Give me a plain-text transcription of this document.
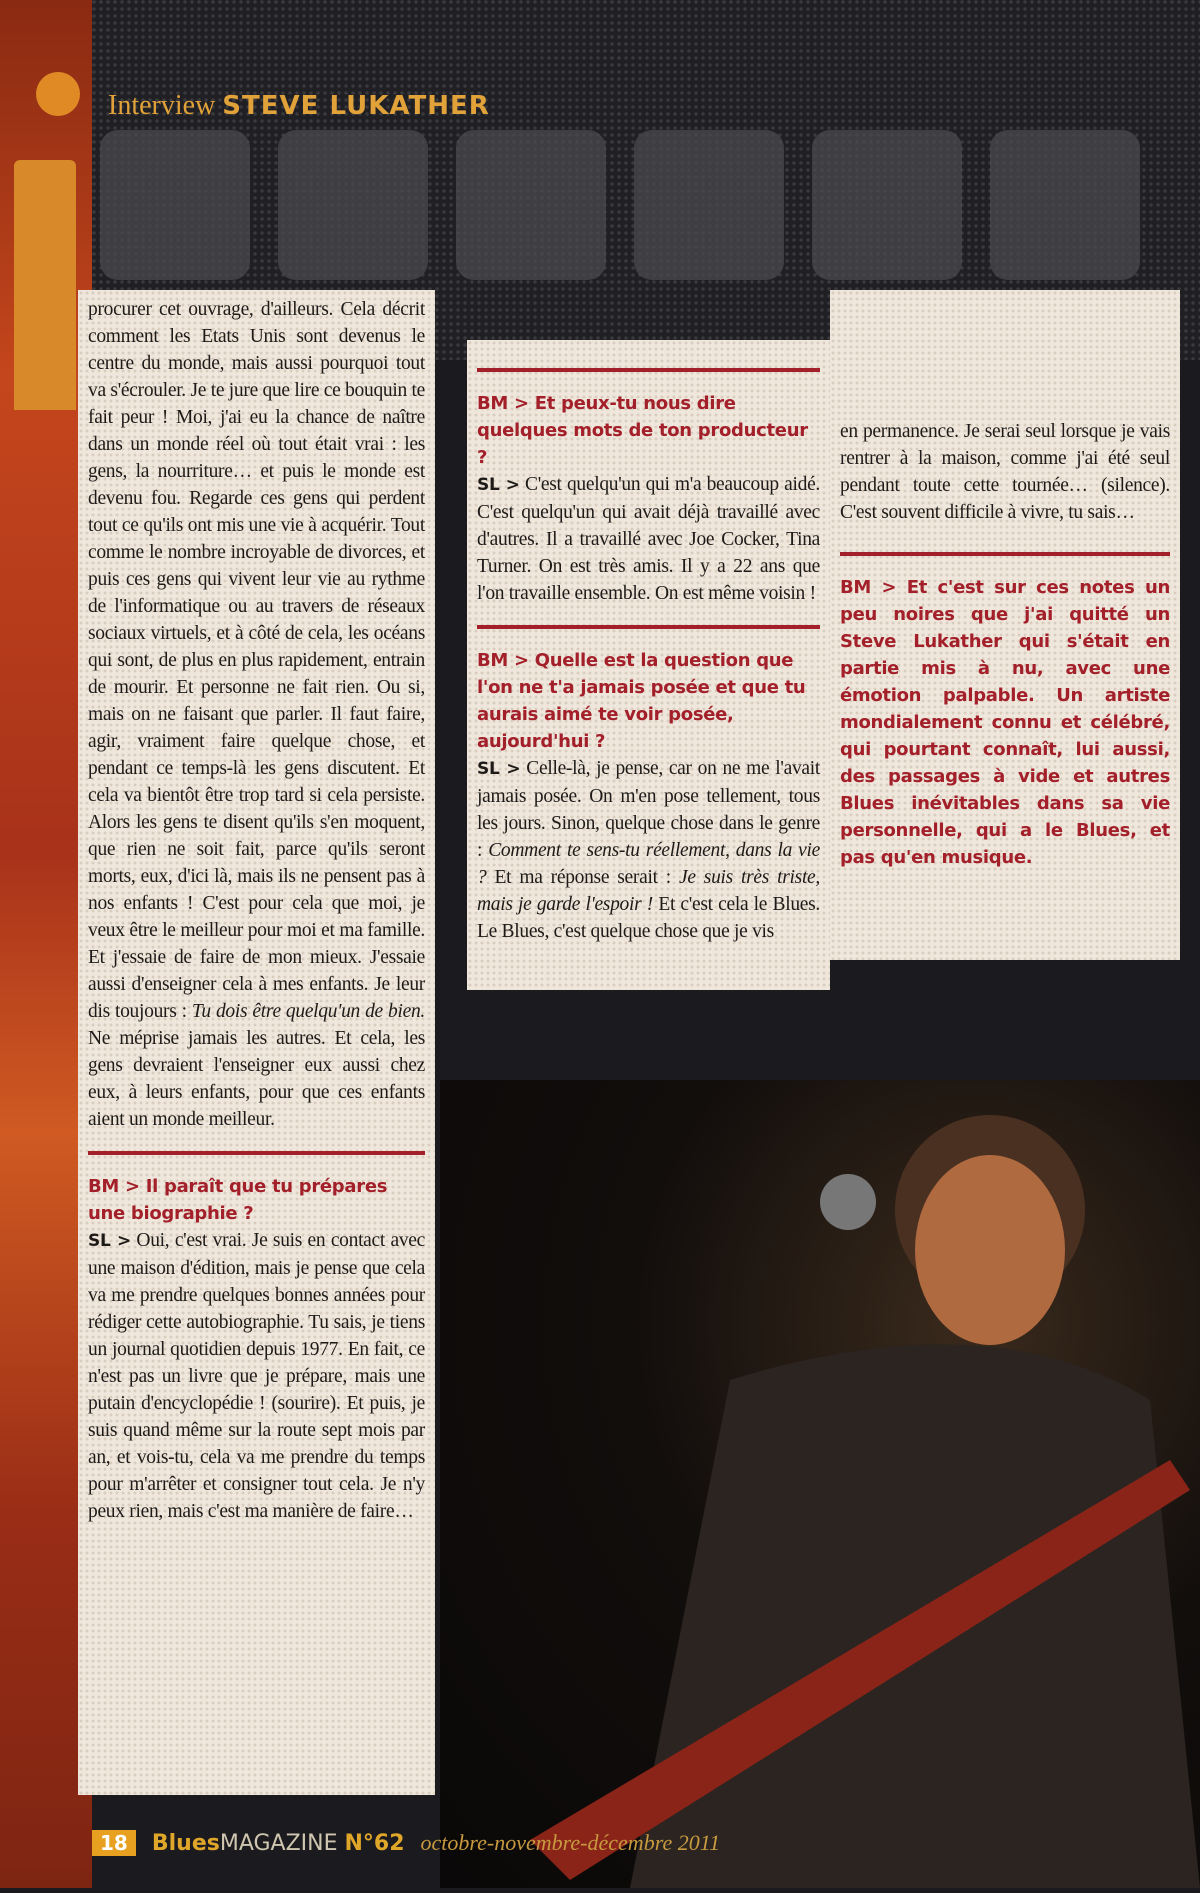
Interview STEVE LUKATHER

procurer cet ouvrage, d'ailleurs. Cela décrit comment les Etats Unis sont devenus le centre du monde, mais aussi pourquoi tout va s'écrouler. Je te jure que lire ce bouquin te fait peur ! Moi, j'ai eu la chance de naître dans un monde réel où tout était vrai : les gens, la nourriture… et puis le monde est devenu fou. Regarde ces gens qui perdent tout ce qu'ils ont mis une vie à acquérir. Tout comme le nombre incroyable de divorces, et puis ces gens qui vivent leur vie au rythme de l'informatique ou au travers de réseaux sociaux virtuels, et à côté de cela, les océans qui sont, de plus en plus rapidement, entrain de mourir. Et personne ne fait rien. Ou si, mais on ne faisant que parler. Il faut faire, agir, vraiment faire quelque chose, et pendant ce temps-là les gens discutent. Et cela va bientôt être trop tard si cela persiste. Alors les gens te disent qu'ils s'en moquent, que rien ne soit fait, parce qu'ils seront morts, eux, d'ici là, mais ils ne pensent pas à nos enfants ! C'est pour cela que moi, je veux être le meilleur pour moi et ma famille. Et j'essaie de faire de mon mieux. J'essaie aussi d'enseigner cela à mes enfants. Je leur dis toujours : Tu dois être quelqu'un de bien. Ne méprise jamais les autres. Et cela, les gens devraient l'enseigner eux aussi chez eux, à leurs enfants, pour que ces enfants aient un monde meilleur.

BM > Il paraît que tu prépares une biographie ?

SL > Oui, c'est vrai. Je suis en contact avec une maison d'édition, mais je pense que cela va me prendre quelques bonnes années pour rédiger cette autobiographie. Tu sais, je tiens un journal quotidien depuis 1977. En fait, ce n'est pas un livre que je prépare, mais une putain d'encyclopédie ! (sourire). Et puis, je suis quand même sur la route sept mois par an, et vois-tu, cela va me prendre du temps pour m'arrêter et consigner tout cela. Je n'y peux rien, mais c'est ma manière de faire…

BM > Et peux-tu nous dire quelques mots de ton producteur ?

SL > C'est quelqu'un qui m'a beaucoup aidé. C'est quelqu'un qui avait déjà travaillé avec d'autres. Il a travaillé avec Joe Cocker, Tina Turner. On est très amis. Il y a 22 ans que l'on travaille ensemble. On est même voisin !

BM > Quelle est la question que l'on ne t'a jamais posée et que tu aurais aimé te voir posée, aujourd'hui ?

SL > Celle-là, je pense, car on ne me l'avait jamais posée. On m'en pose tellement, tous les jours. Sinon, quelque chose dans le genre : Comment te sens-tu réellement, dans la vie ? Et ma réponse serait : Je suis très triste, mais je garde l'espoir ! Et c'est cela le Blues. Le Blues, c'est quelque chose que je vis

en permanence. Je serai seul lorsque je vais rentrer à la maison, comme j'ai été seul pendant toute cette tournée… (silence). C'est souvent difficile à vivre, tu sais…

BM > Et c'est sur ces notes un peu noires que j'ai quitté un Steve Lukather qui s'était en partie mis à nu, avec une émotion palpable. Un artiste mondialement connu et célébré, qui pourtant connaît, lui aussi, des passages à vide et autres Blues inévitables dans sa vie personnelle, qui a le Blues, et pas qu'en musique.

18	BluesMAGAZINE N°62 octobre-novembre-décembre 2011
